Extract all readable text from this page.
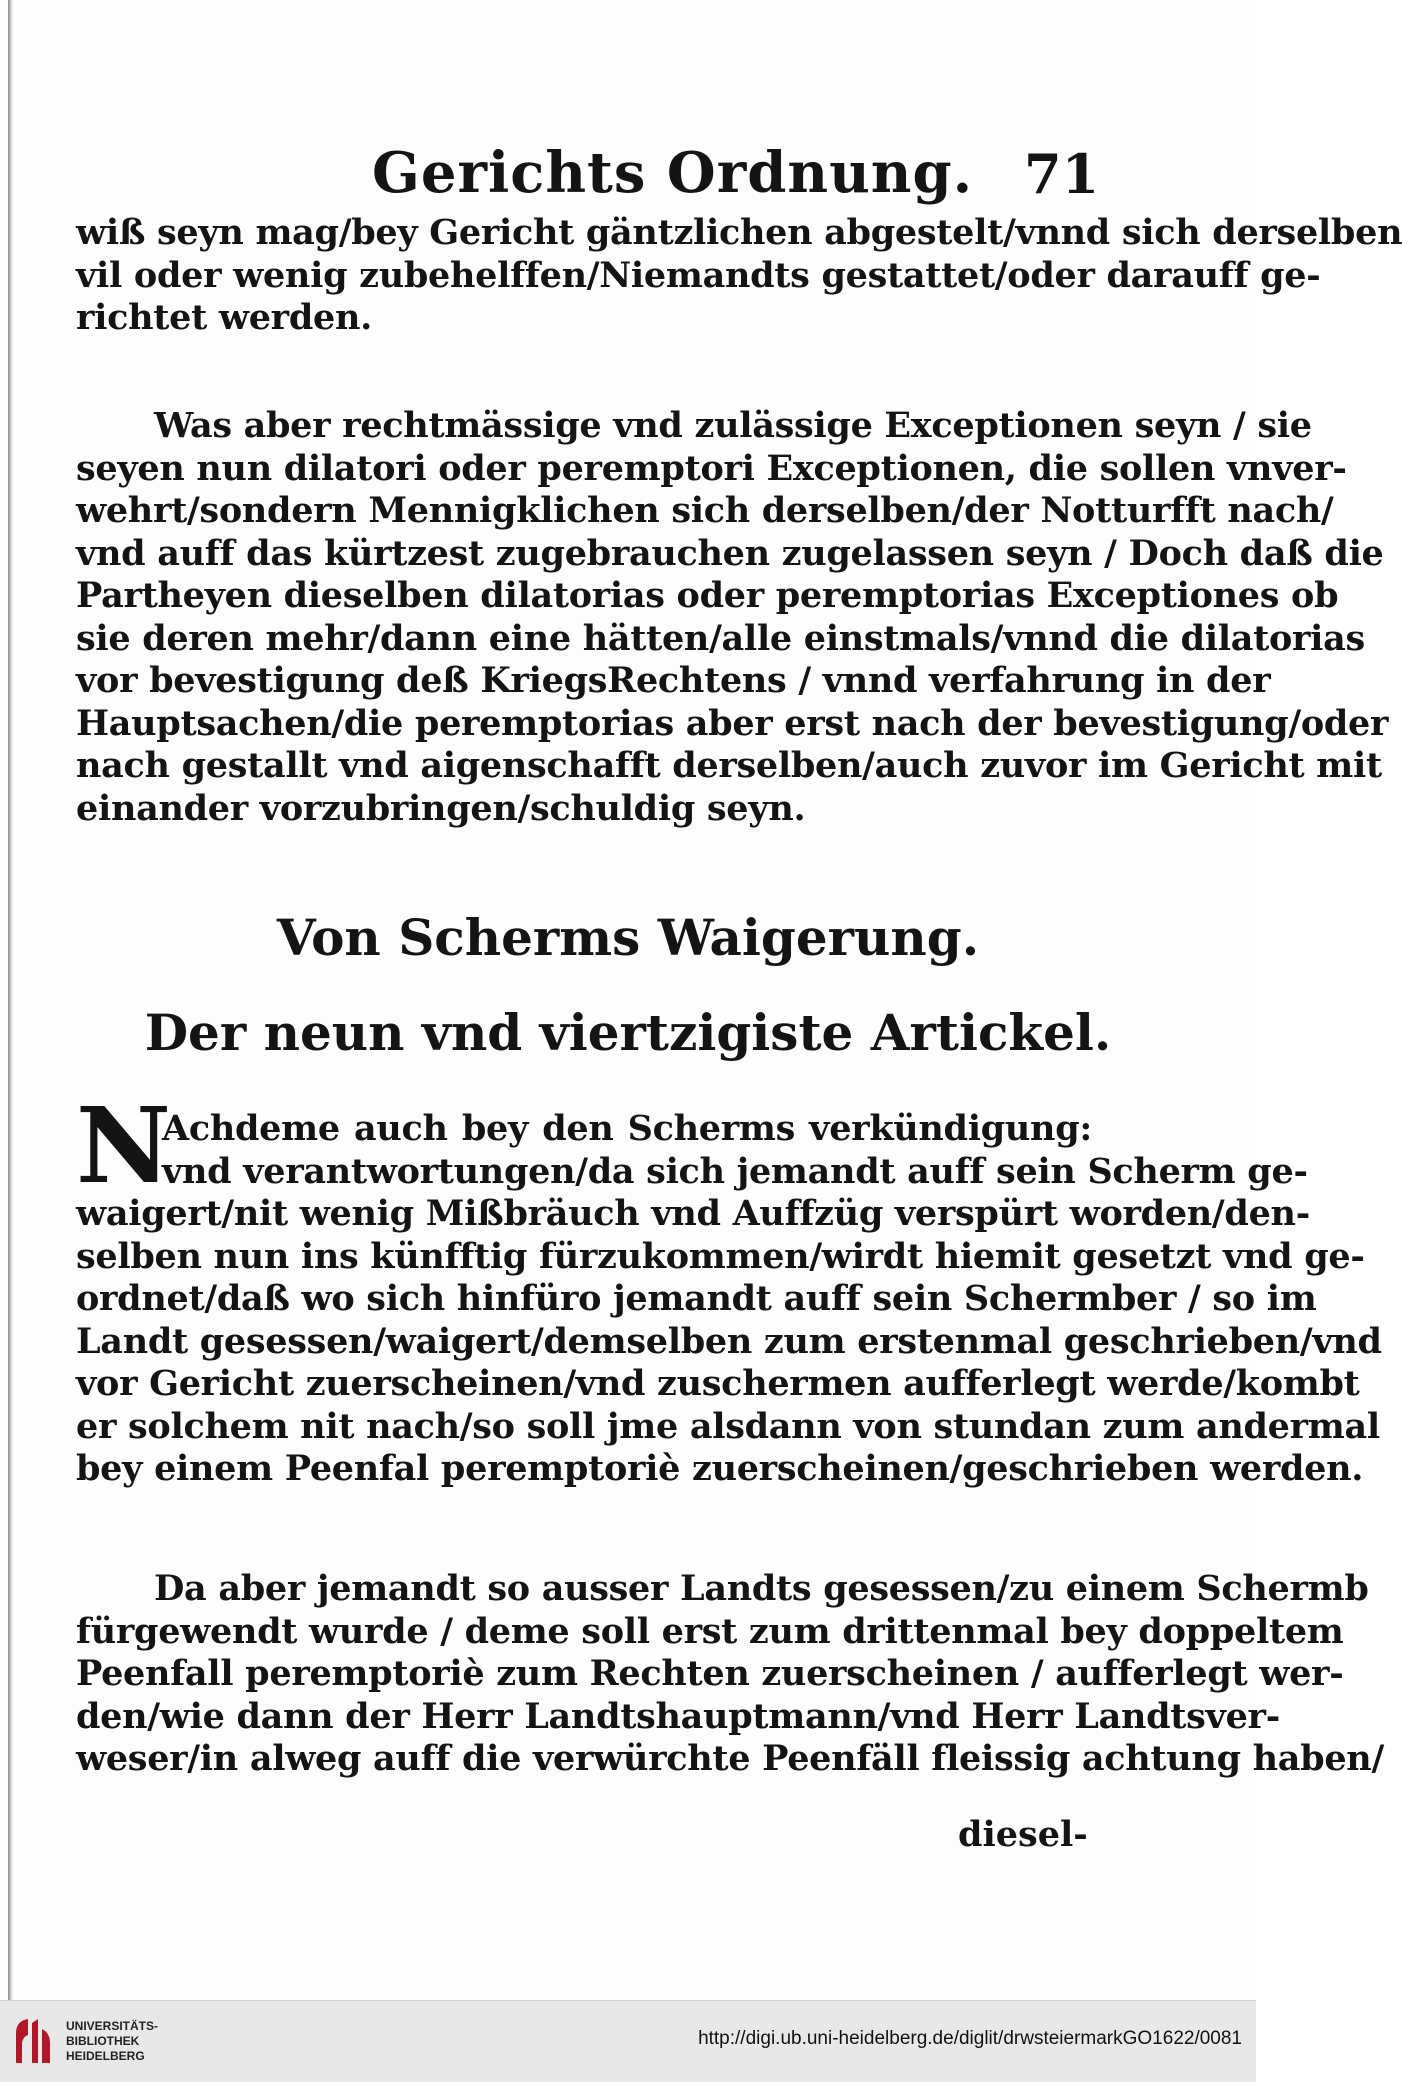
Gerichts Ordnung. 71
wiß seyn mag/bey Gericht gäntzlichen abgestelt/vnnd sich derselben
vil oder wenig zubehelffen/Niemandts gestattet/oder darauff ge-
richtet werden.
Was aber rechtmässige vnd zulässige Exceptionen seyn / sie
seyen nun dilatori oder peremptori Exceptionen, die sollen vnver-
wehrt/sondern Mennigklichen sich derselben/der Notturfft nach/
vnd auff das kürtzest zugebrauchen zugelassen seyn / Doch daß die
Partheyen dieselben dilatorias oder peremptorias Exceptiones ob
sie deren mehr/dann eine hätten/alle einstmals/vnnd die dilatorias
vor bevestigung deß KriegsRechtens / vnnd verfahrung in der
Hauptsachen/die peremptorias aber erst nach der bevestigung/oder
nach gestallt vnd aigenschafft derselben/auch zuvor im Gericht mit
einander vorzubringen/schuldig seyn.
Von Scherms Waigerung.
Der neun vnd viertzigiste Artickel.
N
Achdeme auch bey den Scherms verkündigung:
vnd verantwortungen/da sich jemandt auff sein Scherm ge-
waigert/nit wenig Mißbräuch vnd Auffzüg verspürt worden/den-
selben nun ins künfftig fürzukommen/wirdt hiemit gesetzt vnd ge-
ordnet/daß wo sich hinfüro jemandt auff sein Schermber / so im
Landt gesessen/waigert/demselben zum erstenmal geschrieben/vnd
vor Gericht zuerscheinen/vnd zuschermen aufferlegt werde/kombt
er solchem nit nach/so soll jme alsdann von stundan zum andermal
bey einem Peenfal peremptoriè zuerscheinen/geschrieben werden.
Da aber jemandt so ausser Landts gesessen/zu einem Schermb
fürgewendt wurde / deme soll erst zum drittenmal bey doppeltem
Peenfall peremptoriè zum Rechten zuerscheinen / aufferlegt wer-
den/wie dann der Herr Landtshauptmann/vnd Herr Landtsver-
weser/in alweg auff die verwürchte Peenfäll fleissig achtung haben/
diesel-
UNIVERSITÄTS-
BIBLIOTHEK
HEIDELBERG
http://digi.ub.uni-heidelberg.de/diglit/drwsteiermarkGO1622/0081
